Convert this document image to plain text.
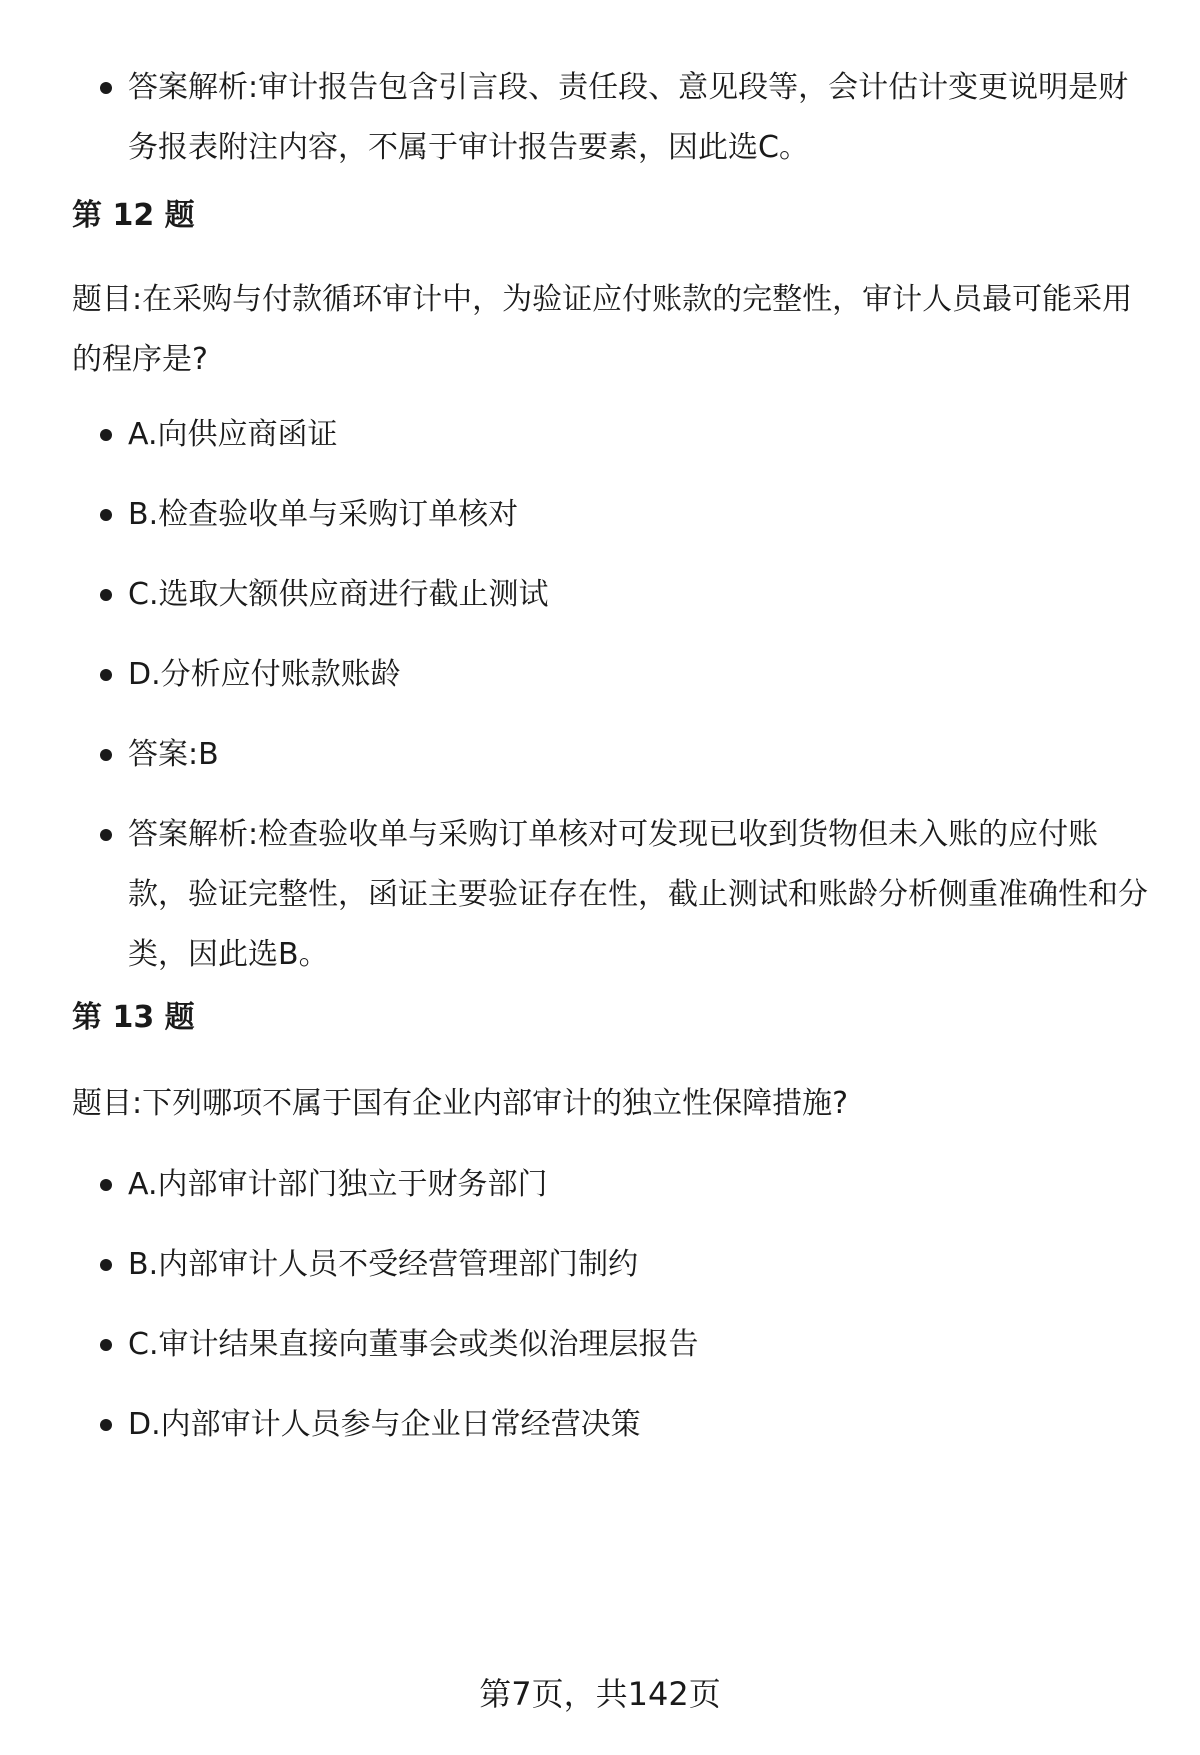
答案解析:审计报告包含引言段、责任段、意见段等，会计估计变更说明是财务报表附注内容，不属于审计报告要素，因此选C。
第 12 题
题目:在采购与付款循环审计中，为验证应付账款的完整性，审计人员最可能采用的程序是?
A.向供应商函证
B.检查验收单与采购订单核对
C.选取大额供应商进行截止测试
D.分析应付账款账龄
答案:B
答案解析:检查验收单与采购订单核对可发现已收到货物但未入账的应付账款，验证完整性，函证主要验证存在性，截止测试和账龄分析侧重准确性和分类，因此选B。
第 13 题
题目:下列哪项不属于国有企业内部审计的独立性保障措施?
A.内部审计部门独立于财务部门
B.内部审计人员不受经营管理部门制约
C.审计结果直接向董事会或类似治理层报告
D.内部审计人员参与企业日常经营决策
第7页，共142页
